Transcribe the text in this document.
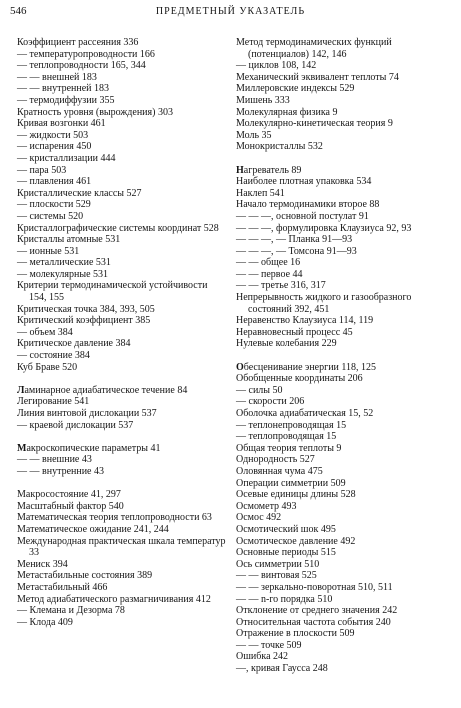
546	ПРЕДМЕТНЫЙ УКАЗАТЕЛЬ
Коэффициент рассеяния 336
— температуропроводности 166
— теплопроводности 165, 344
— — внешней 183
— — внутренней 183
— термодиффузии 355
Кратность уровня (вырождения) 303
Кривая возгонки 461
— жидкости 503
— испарения 450
— кристаллизации 444
— пара 503
— плавления 461
Кристаллические классы 527
— плоскости 529
— системы 520
Кристаллографические системы координат 528
Кристаллы атомные 531
— ионные 531
— металлические 531
— молекулярные 531
Критерии термодинамической устойчивости 154, 155
Критическая точка 384, 393, 505
Критический коэффициент 385
— объем 384
Критическое давление 384
— состояние 384
Куб Браве 520
Ламинарное адиабатическое течение 84
Легирование 541
Линия винтовой дислокации 537
— краевой дислокации 537
Макроскопические параметры 41
— — внешние 43
— — внутренние 43
Макросостояние 41, 297
Масштабный фактор 540
Математическая теория теплопроводности 63
Математическое ожидание 241, 244
Международная практическая шкала температур 33
Мениск 394
Метастабильные состояния 389
Метастабильный 466
Метод адиабатического размагничивания 412
— Клемана и Дезорма 78
— Клода 409
Метод термодинамических функций (потенциалов) 142, 146
— циклов 108, 142
Механический эквивалент теплоты 74
Миллеровские индексы 529
Мишень 333
Молекулярная физика 9
Молекулярно-кинетическая теория 9
Моль 35
Монокристаллы 532
Нагреватель 89
Наиболее плотная упаковка 534
Наклеп 541
Начало термодинамики второе 88
— — —, основной постулат 91
— — —, формулировка Клаузиуса 92, 93
— — —, — Планка 91—93
— — —, — Томсона 91—93
— — общее 16
— — первое 44
— — третье 316, 317
Непрерывность жидкого и газообразного состояний 392, 451
Неравенство Клаузиуса 114, 119
Неравновесный процесс 45
Нулевые колебания 229
Обесценивание энергии 118, 125
Обобщенные координаты 206
— силы 50
— скорости 206
Оболочка адиабатическая 15, 52
— теплонепроводящая 15
— теплопроводящая 15
Общая теория теплоты 9
Однородность 527
Оловянная чума 475
Операции симметрии 509
Осевые единицы длины 528
Осмометр 493
Осмос 492
Осмотический шок 495
Осмотическое давление 492
Основные периоды 515
Ось симметрии 510
— — винтовая 525
— — зеркально-поворотная 510, 511
— — n-го порядка 510
Отклонение от среднего значения 242
Относительная частота события 240
Отражение в плоскости 509
— — точке 509
Ошибка 242
—, кривая Гаусса 248
